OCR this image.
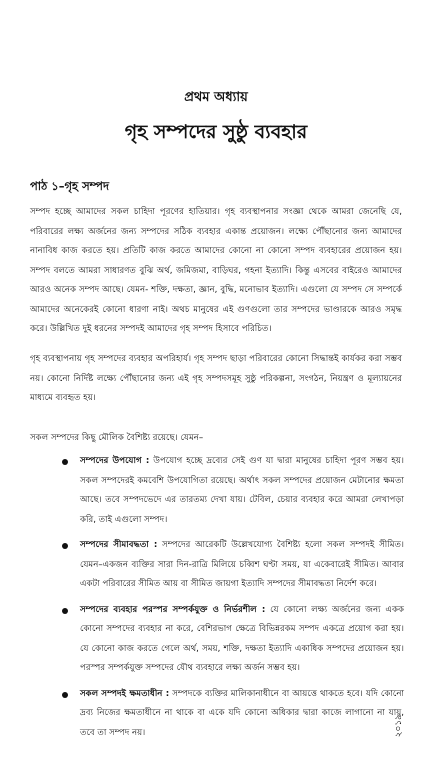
প্রথম অধ্যায়
গৃহ সম্পদের সুষ্ঠু ব্যবহার
পাঠ ১–গৃহ সম্পদ
সম্পদ হচ্ছে আমাদের সকল চাহিদা পূরণের হাতিয়ার। গৃহ ব্যবস্থাপনার সংজ্ঞা থেকে আমরা জেনেছি যে, পরিবারের লক্ষ্য অর্জনের জন্য সম্পদের সঠিক ব্যবহার একান্ত প্রয়োজন। লক্ষ্যে পৌঁছানোর জন্য আমাদের নানাবিধ কাজ করতে হয়। প্রতিটি কাজ করতে আমাদের কোনো না কোনো সম্পদ ব্যবহারের প্রয়োজন হয়। সম্পদ বলতে আমরা সাধারণত বুঝি অর্থ, জমিজমা, বাড়িঘর, গহনা ইত্যাদি। কিন্তু এসবের বাইরেও আমাদের আরও অনেক সম্পদ আছে। যেমন- শক্তি, দক্ষতা, জ্ঞান, বুদ্ধি, মনোভাব ইত্যাদি। এগুলো যে সম্পদ সে সম্পর্কে আমাদের অনেকেরই কোনো ধারণা নাই। অথচ মানুষের এই গুণগুলো তার সম্পদের ভাণ্ডারকে আরও সমৃদ্ধ করে। উল্লিখিত দুই ধরনের সম্পদই আমাদের গৃহ সম্পদ হিসাবে পরিচিত।
গৃহ ব্যবস্থাপনায় গৃহ সম্পদের ব্যবহার অপরিহার্য। গৃহ সম্পদ ছাড়া পরিবারের কোনো সিদ্ধান্তই কার্যকর করা সম্ভব নয়। কোনো নির্দিষ্ট লক্ষ্যে পৌঁছানোর জন্য এই গৃহ সম্পদসমূহ সুষ্ঠু পরিকল্পনা, সংগঠন, নিয়ন্ত্রণ ও মূল্যায়নের মাধ্যমে ব্যবহৃত হয়।
সকল সম্পদের কিছু মৌলিক বৈশিষ্ট্য রয়েছে। যেমন–
সম্পদের উপযোগ : উপযোগ হচ্ছে দ্রব্যের সেই গুণ যা দ্বারা মানুষের চাহিদা পূরণ সম্ভব হয়। সকল সম্পদেরই কমবেশি উপযোগিতা রয়েছে। অর্থাৎ সকল সম্পদের প্রয়োজন মেটানোর ক্ষমতা আছে। তবে সম্পদভেদে এর তারতম্য দেখা যায়। টেবিল, চেয়ার ব্যবহার করে আমরা লেখাপড়া করি, তাই এগুলো সম্পদ।
সম্পদের সীমাবদ্ধতা : সম্পদের আরেকটি উল্লেখযোগ্য বৈশিষ্ট্য হলো সকল সম্পদই সীমিত। যেমন–একজন ব্যক্তির সারা দিন-রাত্রি মিলিয়ে চব্বিশ ঘণ্টা সময়, যা একেবারেই সীমিত। আবার একটা পরিবারের সীমিত আয় বা সীমিত জায়গা ইত্যাদি সম্পদের সীমাবদ্ধতা নির্দেশ করে।
সম্পদের ব্যবহার পরস্পর সম্পর্কযুক্ত ও নির্ভরশীল : যে কোনো লক্ষ্য অর্জনের জন্য একক কোনো সম্পদের ব্যবহার না করে, বেশিরভাগ ক্ষেত্রে বিভিন্নরকম সম্পদ একত্রে প্রয়োগ করা হয়। যে কোনো কাজ করতে গেলে অর্থ, সময়, শক্তি, দক্ষতা ইত্যাদি একাধিক সম্পদের প্রয়োজন হয়। পরস্পর সম্পর্কযুক্ত সম্পদের যৌথ ব্যবহারে লক্ষ্য অর্জন সম্ভব হয়।
সকল সম্পদই ক্ষমতাধীন : সম্পদকে ব্যক্তির মালিকানাধীনে বা আয়ত্তে থাকতে হবে। যদি কোনো দ্রব্য নিজের ক্ষমতাধীনে না থাকে বা একে যদি কোনো অধিকার দ্বারা কাজে লাগানো না যায়, তবে তা সম্পদ নয়।	২০১৯
